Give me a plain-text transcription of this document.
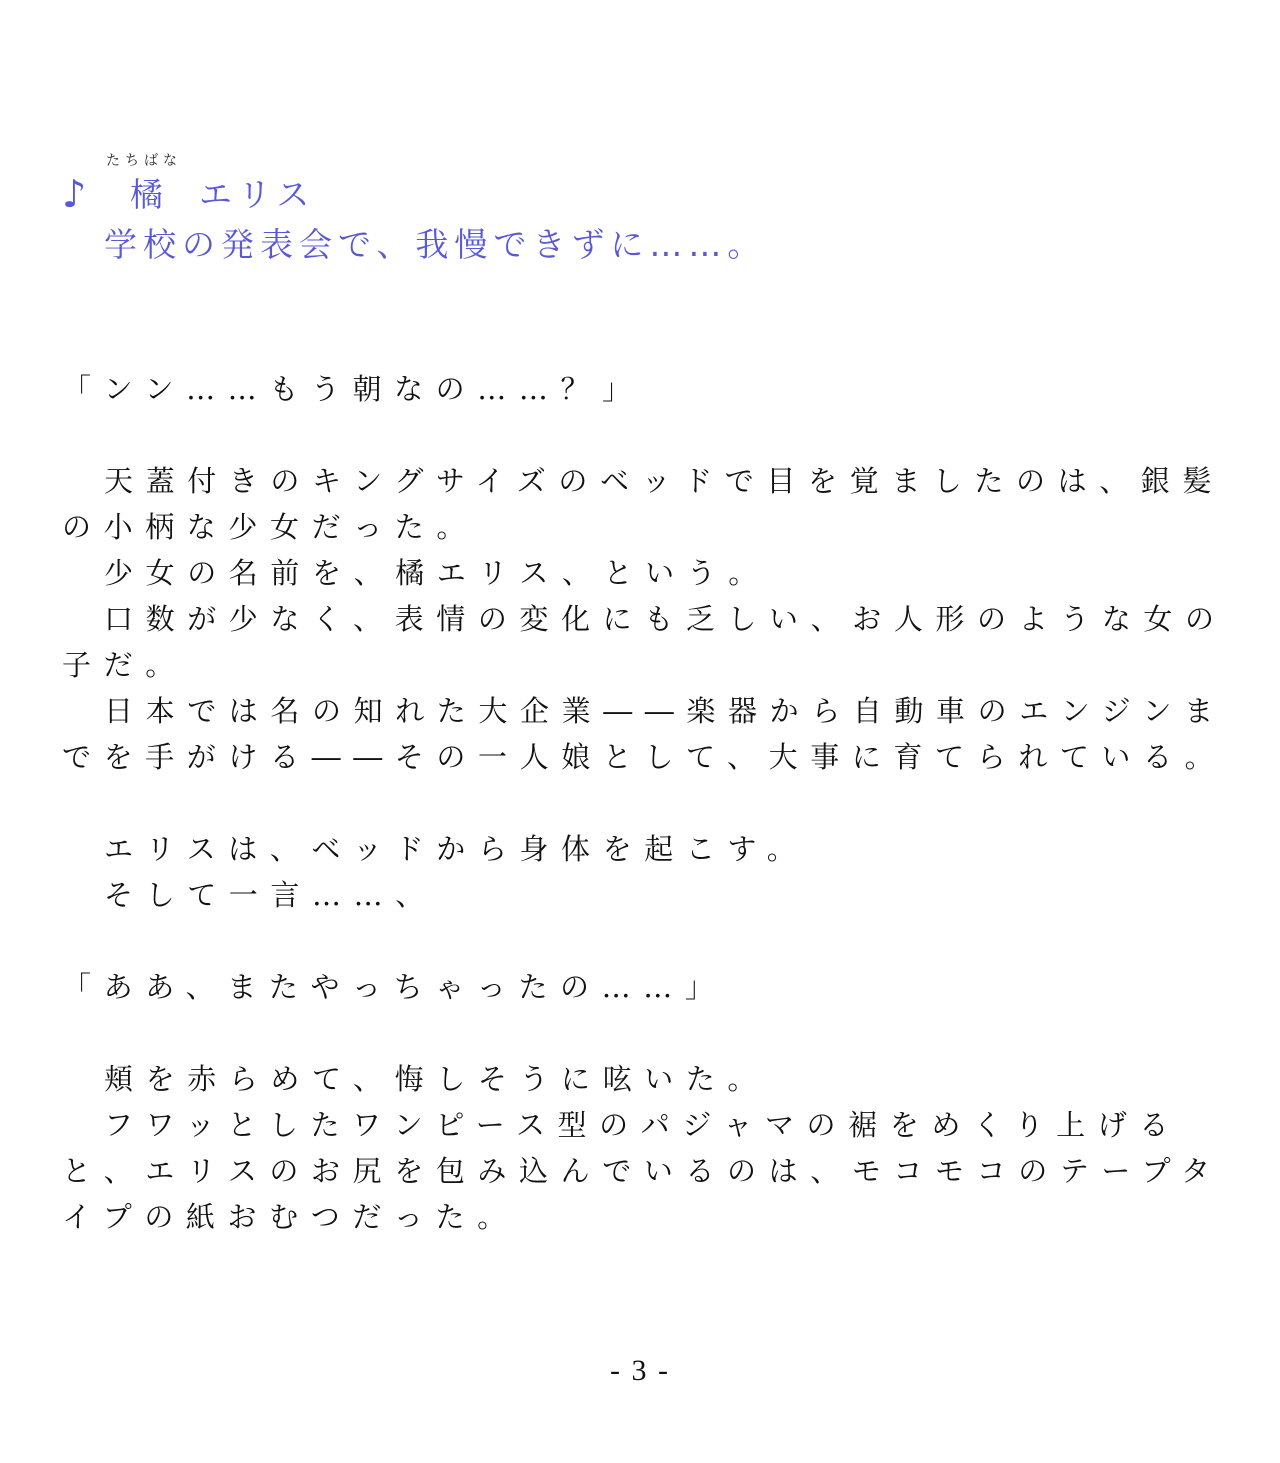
♪
たちばな
橘 エリス
学校の発表会で、我慢できずに……。

「ンン……もう朝なの……？」

天蓋付きのキングサイズのベッドで目を覚ましたのは、銀髪の小柄な少女だった。

少女の名前を、橘エリス、という。

口数が少なく、表情の変化にも乏しい、お人形のような女の子だ。

日本では名の知れた大企業――楽器から自動車のエンジンまでを手がける――その一人娘として、大事に育てられている。

エリスは、ベッドから身体を起こす。

そして一言……、

「ああ、またやっちゃったの……」

頬を赤らめて、悔しそうに呟いた。

フワッとしたワンピース型のパジャマの裾をめくり上げると、エリスのお尻を包み込んでいるのは、モコモコのテープタイプの紙おむつだった。

- 3 -
